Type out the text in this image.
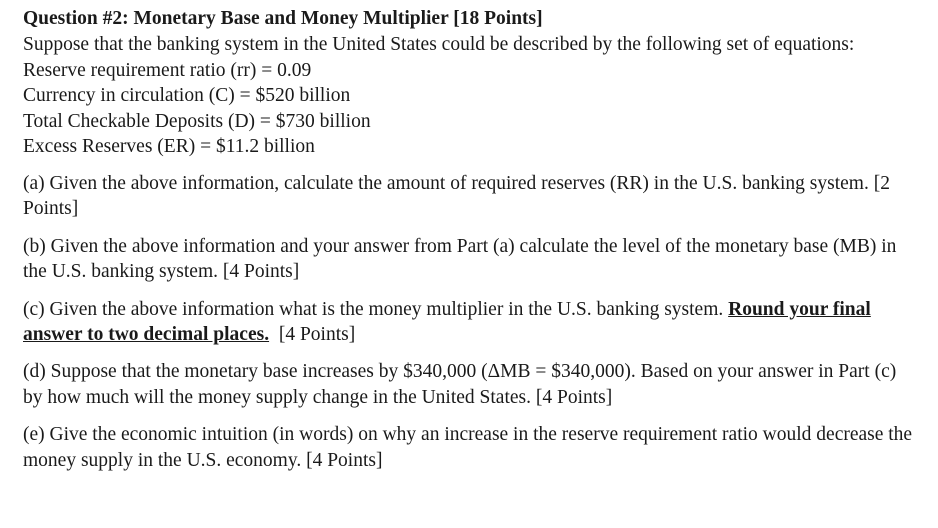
Question #2: Monetary Base and Money Multiplier [18 Points]

Suppose that the banking system in the United States could be described by the following set of equations:

Reserve requirement ratio (rr) = 0.09

Currency in circulation (C) = $520 billion

Total Checkable Deposits (D) = $730 billion

Excess Reserves (ER) = $11.2 billion

(a) Given the above information, calculate the amount of required reserves (RR) in the U.S. banking system. [2 Points]

(b) Given the above information and your answer from Part (a) calculate the level of the monetary base (MB) in the U.S. banking system. [4 Points]

(c) Given the above information what is the money multiplier in the U.S. banking system. Round your final answer to two decimal places.  [4 Points]

(d) Suppose that the monetary base increases by $340,000 (ΔMB = $340,000). Based on your answer in Part (c) by how much will the money supply change in the United States. [4 Points]

(e) Give the economic intuition (in words) on why an increase in the reserve requirement ratio would decrease the money supply in the U.S. economy. [4 Points]
